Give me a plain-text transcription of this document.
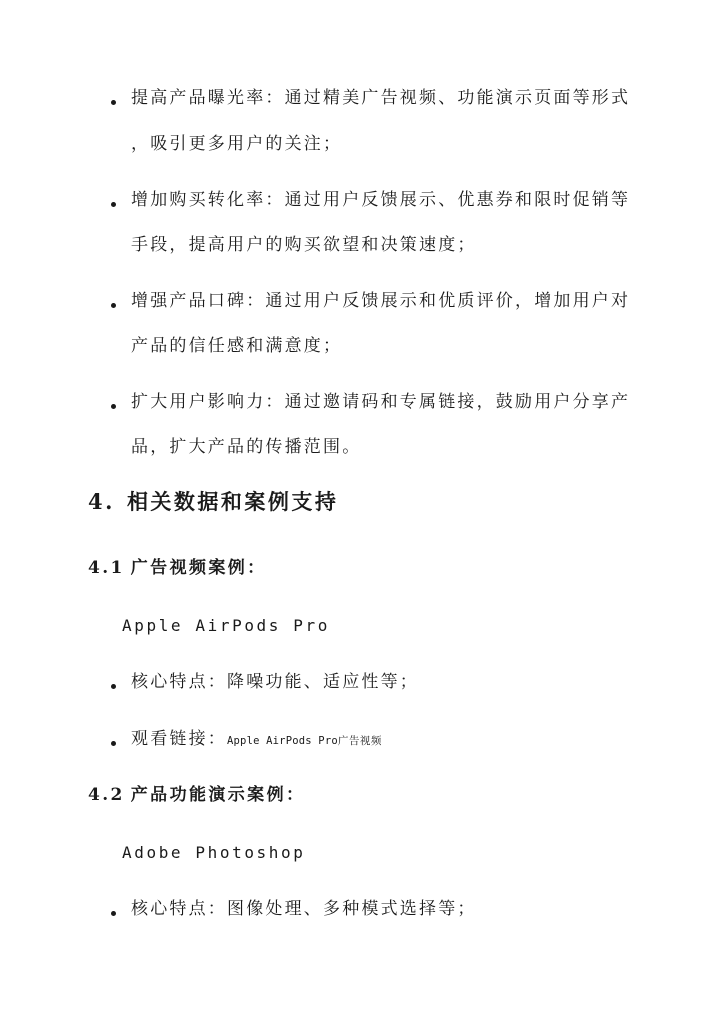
提高产品曝光率：通过精美广告视频、功能演示页面等形式
，吸引更多用户的关注；
增加购买转化率：通过用户反馈展示、优惠券和限时促销等
手段，提高用户的购买欲望和决策速度；
增强产品口碑：通过用户反馈展示和优质评价，增加用户对
产品的信任感和满意度；
扩大用户影响力：通过邀请码和专属链接，鼓励用户分享产
品，扩大产品的传播范围。
4. 相关数据和案例支持
4.1 广告视频案例：
Apple AirPods Pro
核心特点：降噪功能、适应性等；
观看链接：Apple AirPods Pro广告视频
4.2 产品功能演示案例：
Adobe Photoshop
核心特点：图像处理、多种模式选择等；
